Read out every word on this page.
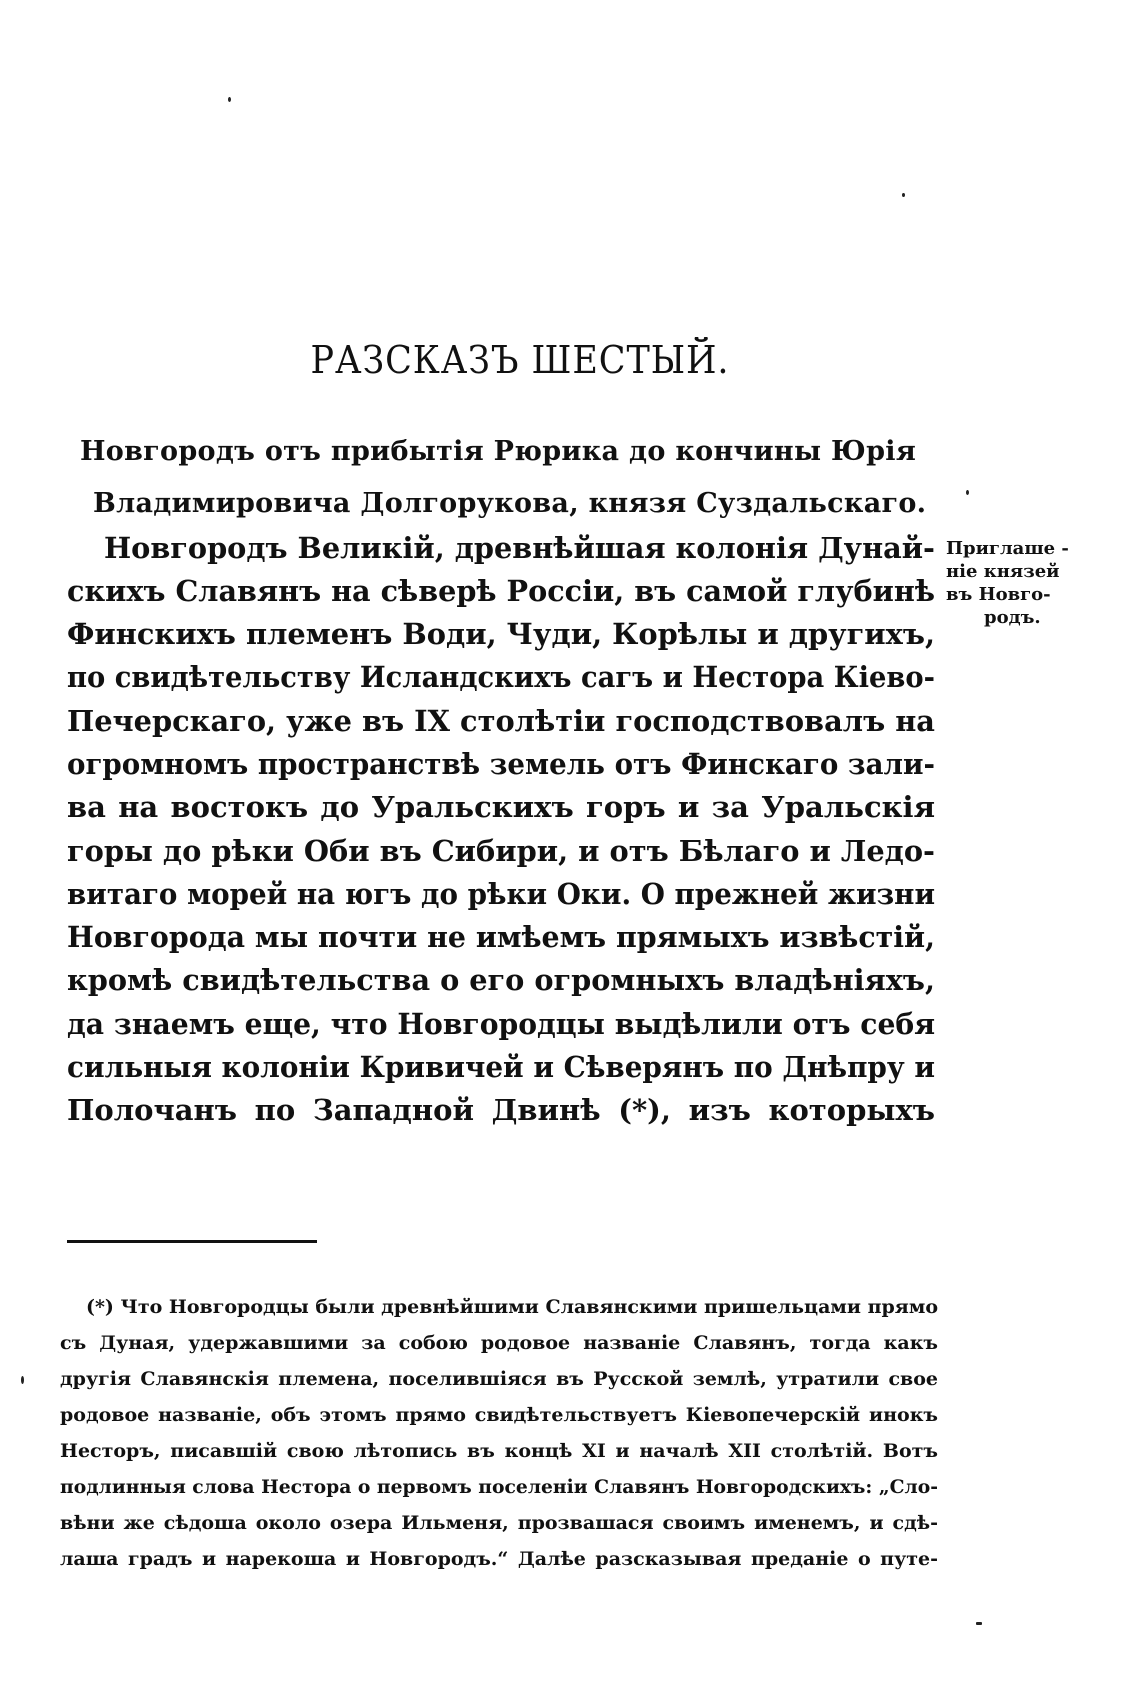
РАЗСКАЗЪ ШЕСТЫЙ.
Новгородъ отъ прибытія Рюрика до кончины Юрія
Владимировича Долгорукова, князя Суздальскаго.
Новгородъ Великій, древнѣйшая колонія Дунай-
скихъ Славянъ на сѣверѣ Россіи, въ самой глубинѣ
Финскихъ племенъ Води, Чуди, Корѣлы и другихъ,
по свидѣтельству Исландскихъ сагъ и Нестора Кіево-
Печерскаго, уже въ IX столѣтіи господствовалъ на
огромномъ пространствѣ земель отъ Финскаго зали-
ва на востокъ до Уральскихъ горъ и за Уральскія
горы до рѣки Оби въ Сибири, и отъ Бѣлаго и Ледо-
витаго морей на югъ до рѣки Оки. О прежней жизни
Новгорода мы почти не имѣемъ прямыхъ извѣстій,
кромѣ свидѣтельства о его огромныхъ владѣніяхъ,
да знаемъ еще, что Новгородцы выдѣлили отъ себя
сильныя колоніи Кривичей и Сѣверянъ по Днѣпру и
Полочанъ по Западной Двинѣ (*), изъ которыхъ
Приглаше -
ніе князей
въ Новго-
родъ.
(*) Что Новгородцы были древнѣйшими Славянскими пришельцами прямо
съ Дуная, удержавшими за собою родовое названіе Славянъ, тогда какъ
другія Славянскія племена, поселившіяся въ Русской землѣ, утратили свое
родовое названіе, объ этомъ прямо свидѣтельствуетъ Кіевопечерскій инокъ
Несторъ, писавшій свою лѣтопись въ концѣ XI и началѣ XII столѣтій. Вотъ
подлинныя слова Нестора о первомъ поселеніи Славянъ Новгородскихъ: „Сло-
вѣни же сѣдоша около озера Ильменя, прозвашася своимъ именемъ, и сдѣ-
лаша градъ и нарекоша и Новгородъ.“ Далѣе разсказывая преданіе о путе-
